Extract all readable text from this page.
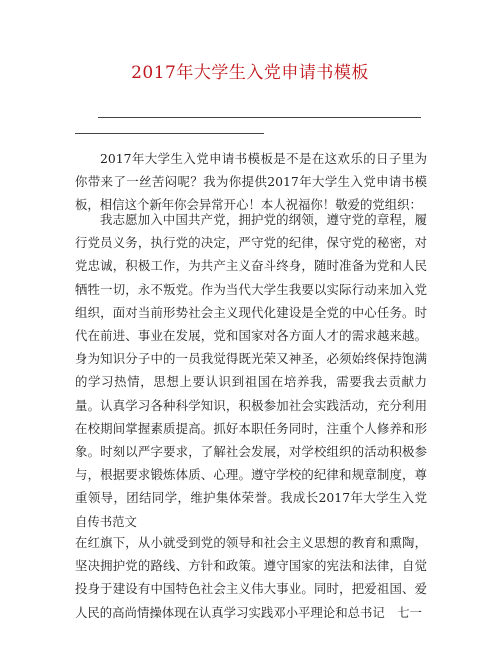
2017年大学生入党申请书模板
2017年大学生入党申请书模板是不是在这欢乐的日子里为你带来了一丝苦闷呢？我为你提供2017年大学生入党申请书模板，相信这个新年你会异常开心！本人祝福你！敬爱的党组织：
我志愿加入中国共产党，拥护党的纲领，遵守党的章程，履行党员义务，执行党的决定，严守党的纪律，保守党的秘密，对党忠诚，积极工作，为共产主义奋斗终身，随时准备为党和人民牺牲一切，永不叛党。作为当代大学生我要以实际行动来加入党组织，面对当前形势社会主义现代化建设是全党的中心任务。时代在前进、事业在发展，党和国家对各方面人才的需求越来越。身为知识分子中的一员我觉得既光荣又神圣，必须始终保持饱满的学习热情，思想上要认识到祖国在培养我，需要我去贡献力量。认真学习各种科学知识，积极参加社会实践活动，充分利用在校期间掌握素质提高。抓好本职任务同时，注重个人修养和形象。时刻以严字要求，了解社会发展，对学校组织的活动积极参与，根据要求锻炼体质、心理。遵守学校的纪律和规章制度，尊重领导，团结同学，维护集体荣誉。我成长2017年大学生入党自传书范文
在红旗下，从小就受到党的领导和社会主义思想的教育和熏陶，坚决拥护党的路线、方针和政策。遵守国家的宪法和法律，自觉投身于建设有中国特色社会主义伟大事业。同时，把爱祖国、爱人民的高尚情操体现在认真学习实践邓小平理论和总书记　七一
